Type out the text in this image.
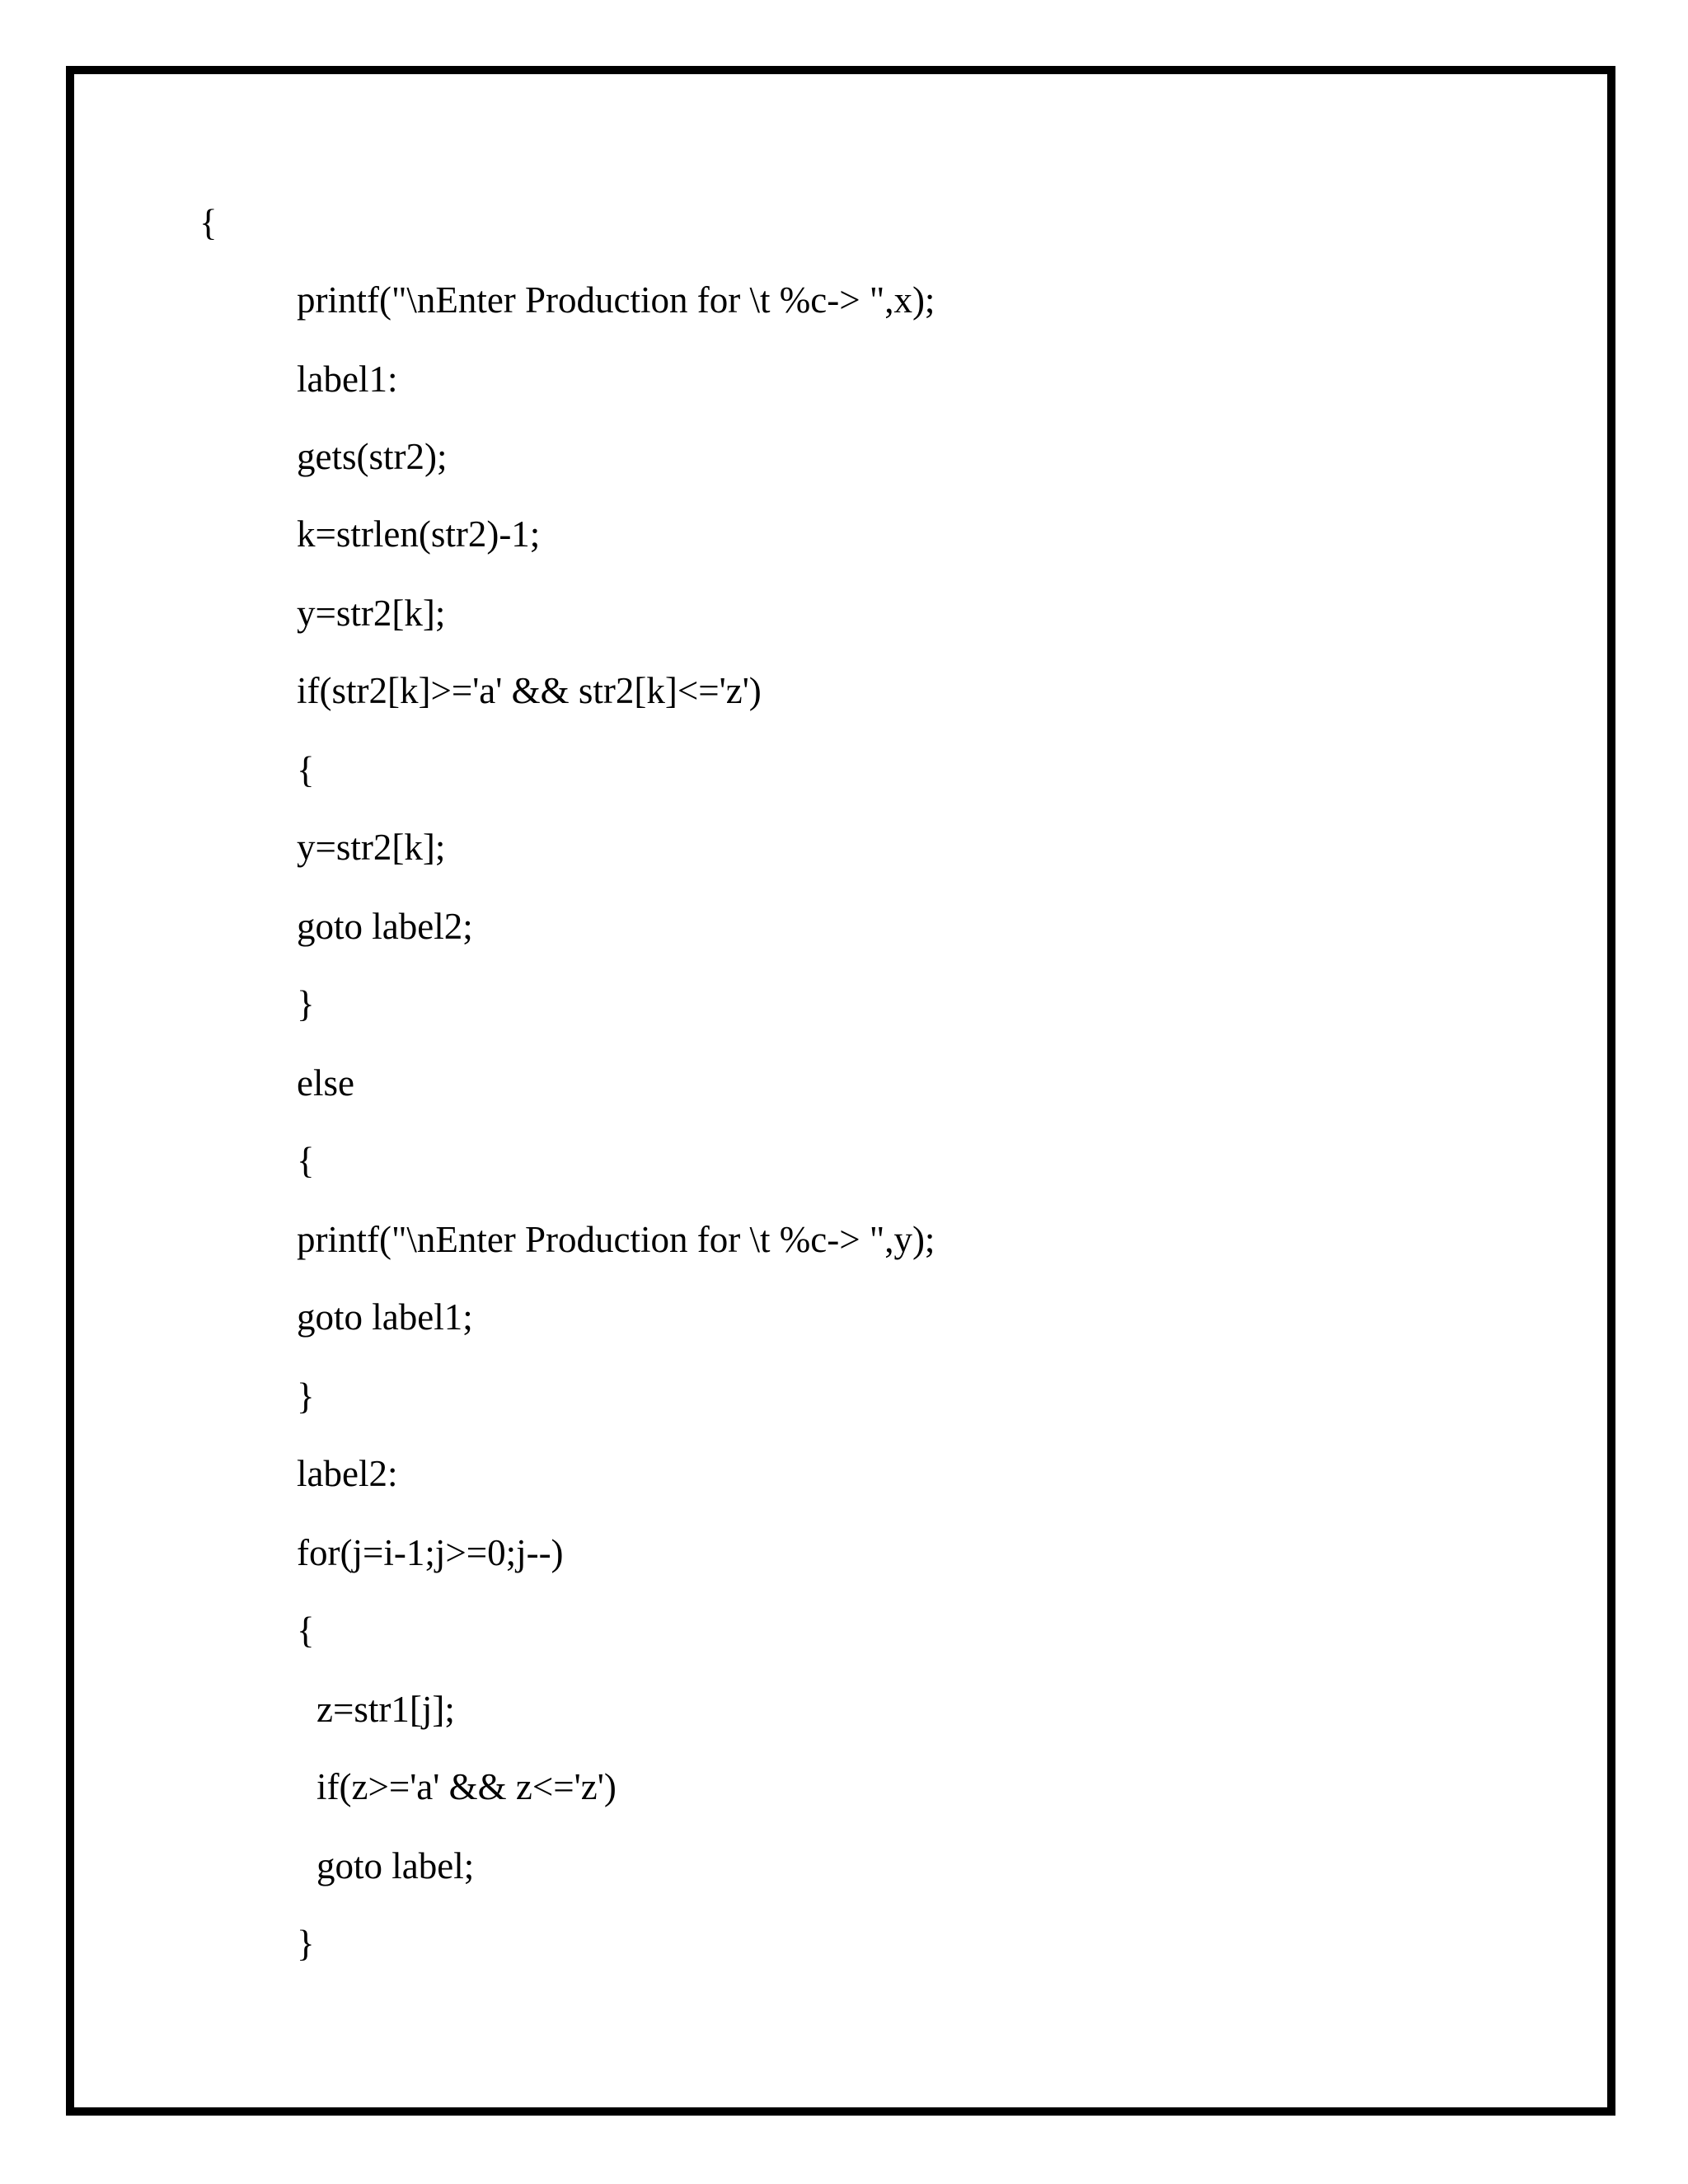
{
printf("\nEnter Production for \t %c-> ",x);
label1:
gets(str2);
k=strlen(str2)-1;
y=str2[k];
if(str2[k]>='a' && str2[k]<='z')
{
y=str2[k];
goto label2;
}
else
{
printf("\nEnter Production for \t %c-> ",y);
goto label1;
}
label2:
for(j=i-1;j>=0;j--)
{
z=str1[j];
if(z>='a' && z<='z')
goto label;
}
